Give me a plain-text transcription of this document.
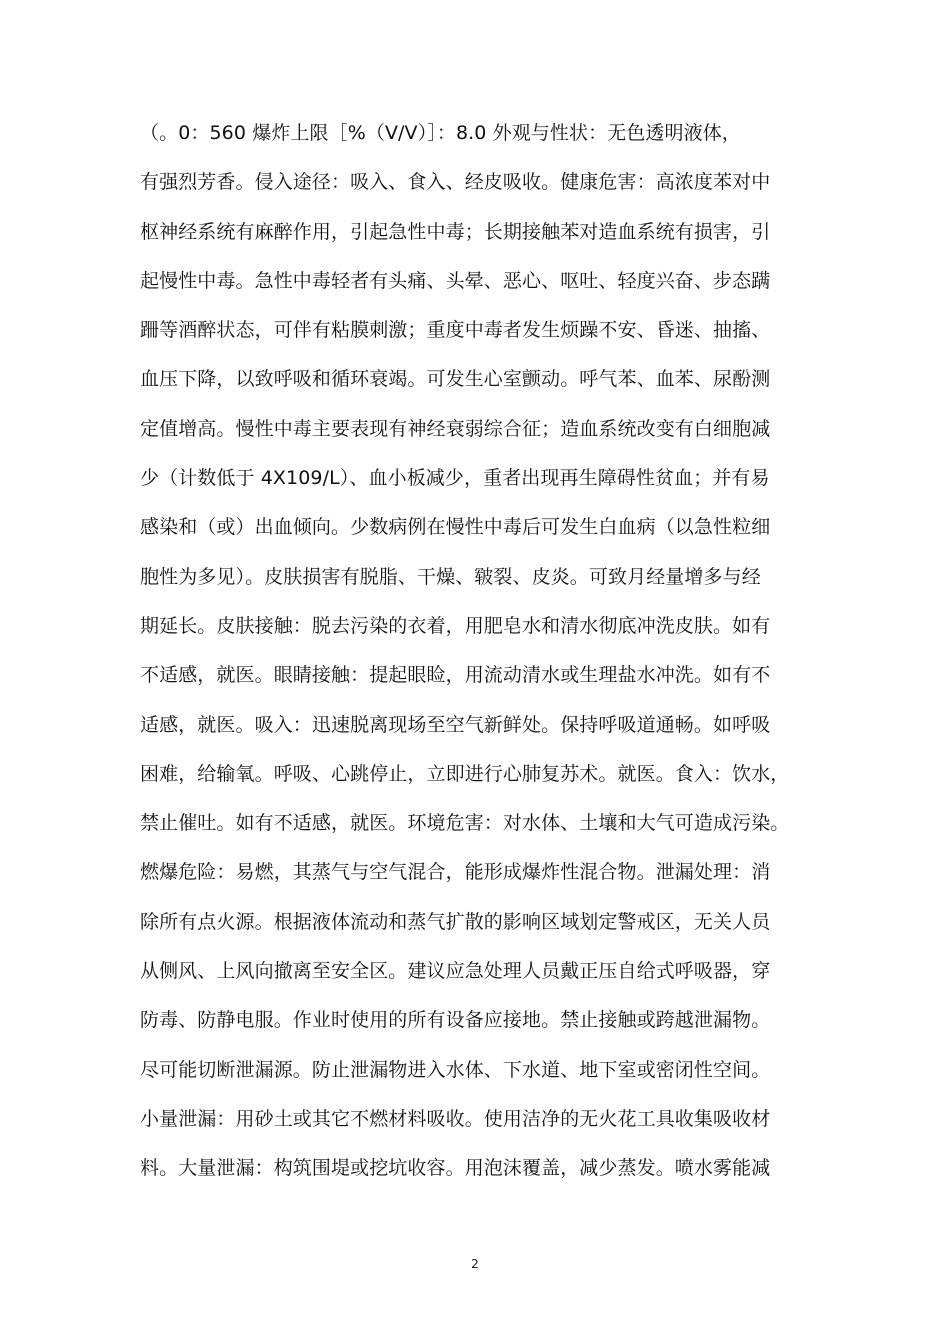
（。0：560 爆炸上限［%（V/V）］：8.0 外观与性状：无色透明液体，
有强烈芳香。侵入途径：吸入、食入、经皮吸收。健康危害：高浓度苯对中
枢神经系统有麻醉作用，引起急性中毒；长期接触苯对造血系统有损害，引
起慢性中毒。急性中毒轻者有头痛、头晕、恶心、呕吐、轻度兴奋、步态蹒
跚等酒醉状态，可伴有粘膜刺激；重度中毒者发生烦躁不安、昏迷、抽搐、
血压下降，以致呼吸和循环衰竭。可发生心室颤动。呼气苯、血苯、尿酚测
定值增高。慢性中毒主要表现有神经衰弱综合征；造血系统改变有白细胞减
少（计数低于 4X109/L）、血小板减少，重者出现再生障碍性贫血；并有易
感染和（或）出血倾向。少数病例在慢性中毒后可发生白血病（以急性粒细
胞性为多见）。皮肤损害有脱脂、干燥、皲裂、皮炎。可致月经量增多与经
期延长。皮肤接触：脱去污染的衣着，用肥皂水和清水彻底冲洗皮肤。如有
不适感，就医。眼睛接触：提起眼睑，用流动清水或生理盐水冲洗。如有不
适感，就医。吸入：迅速脱离现场至空气新鲜处。保持呼吸道通畅。如呼吸
困难，给输氧。呼吸、心跳停止，立即进行心肺复苏术。就医。食入：饮水，
禁止催吐。如有不适感，就医。环境危害：对水体、土壤和大气可造成污染。
燃爆危险：易燃，其蒸气与空气混合，能形成爆炸性混合物。泄漏处理：消
除所有点火源。根据液体流动和蒸气扩散的影响区域划定警戒区，无关人员
从侧风、上风向撤离至安全区。建议应急处理人员戴正压自给式呼吸器，穿
防毒、防静电服。作业时使用的所有设备应接地。禁止接触或跨越泄漏物。
尽可能切断泄漏源。防止泄漏物进入水体、下水道、地下室或密闭性空间。
小量泄漏：用砂土或其它不燃材料吸收。使用洁净的无火花工具收集吸收材
料。大量泄漏：构筑围堤或挖坑收容。用泡沫覆盖，减少蒸发。喷水雾能减
2
